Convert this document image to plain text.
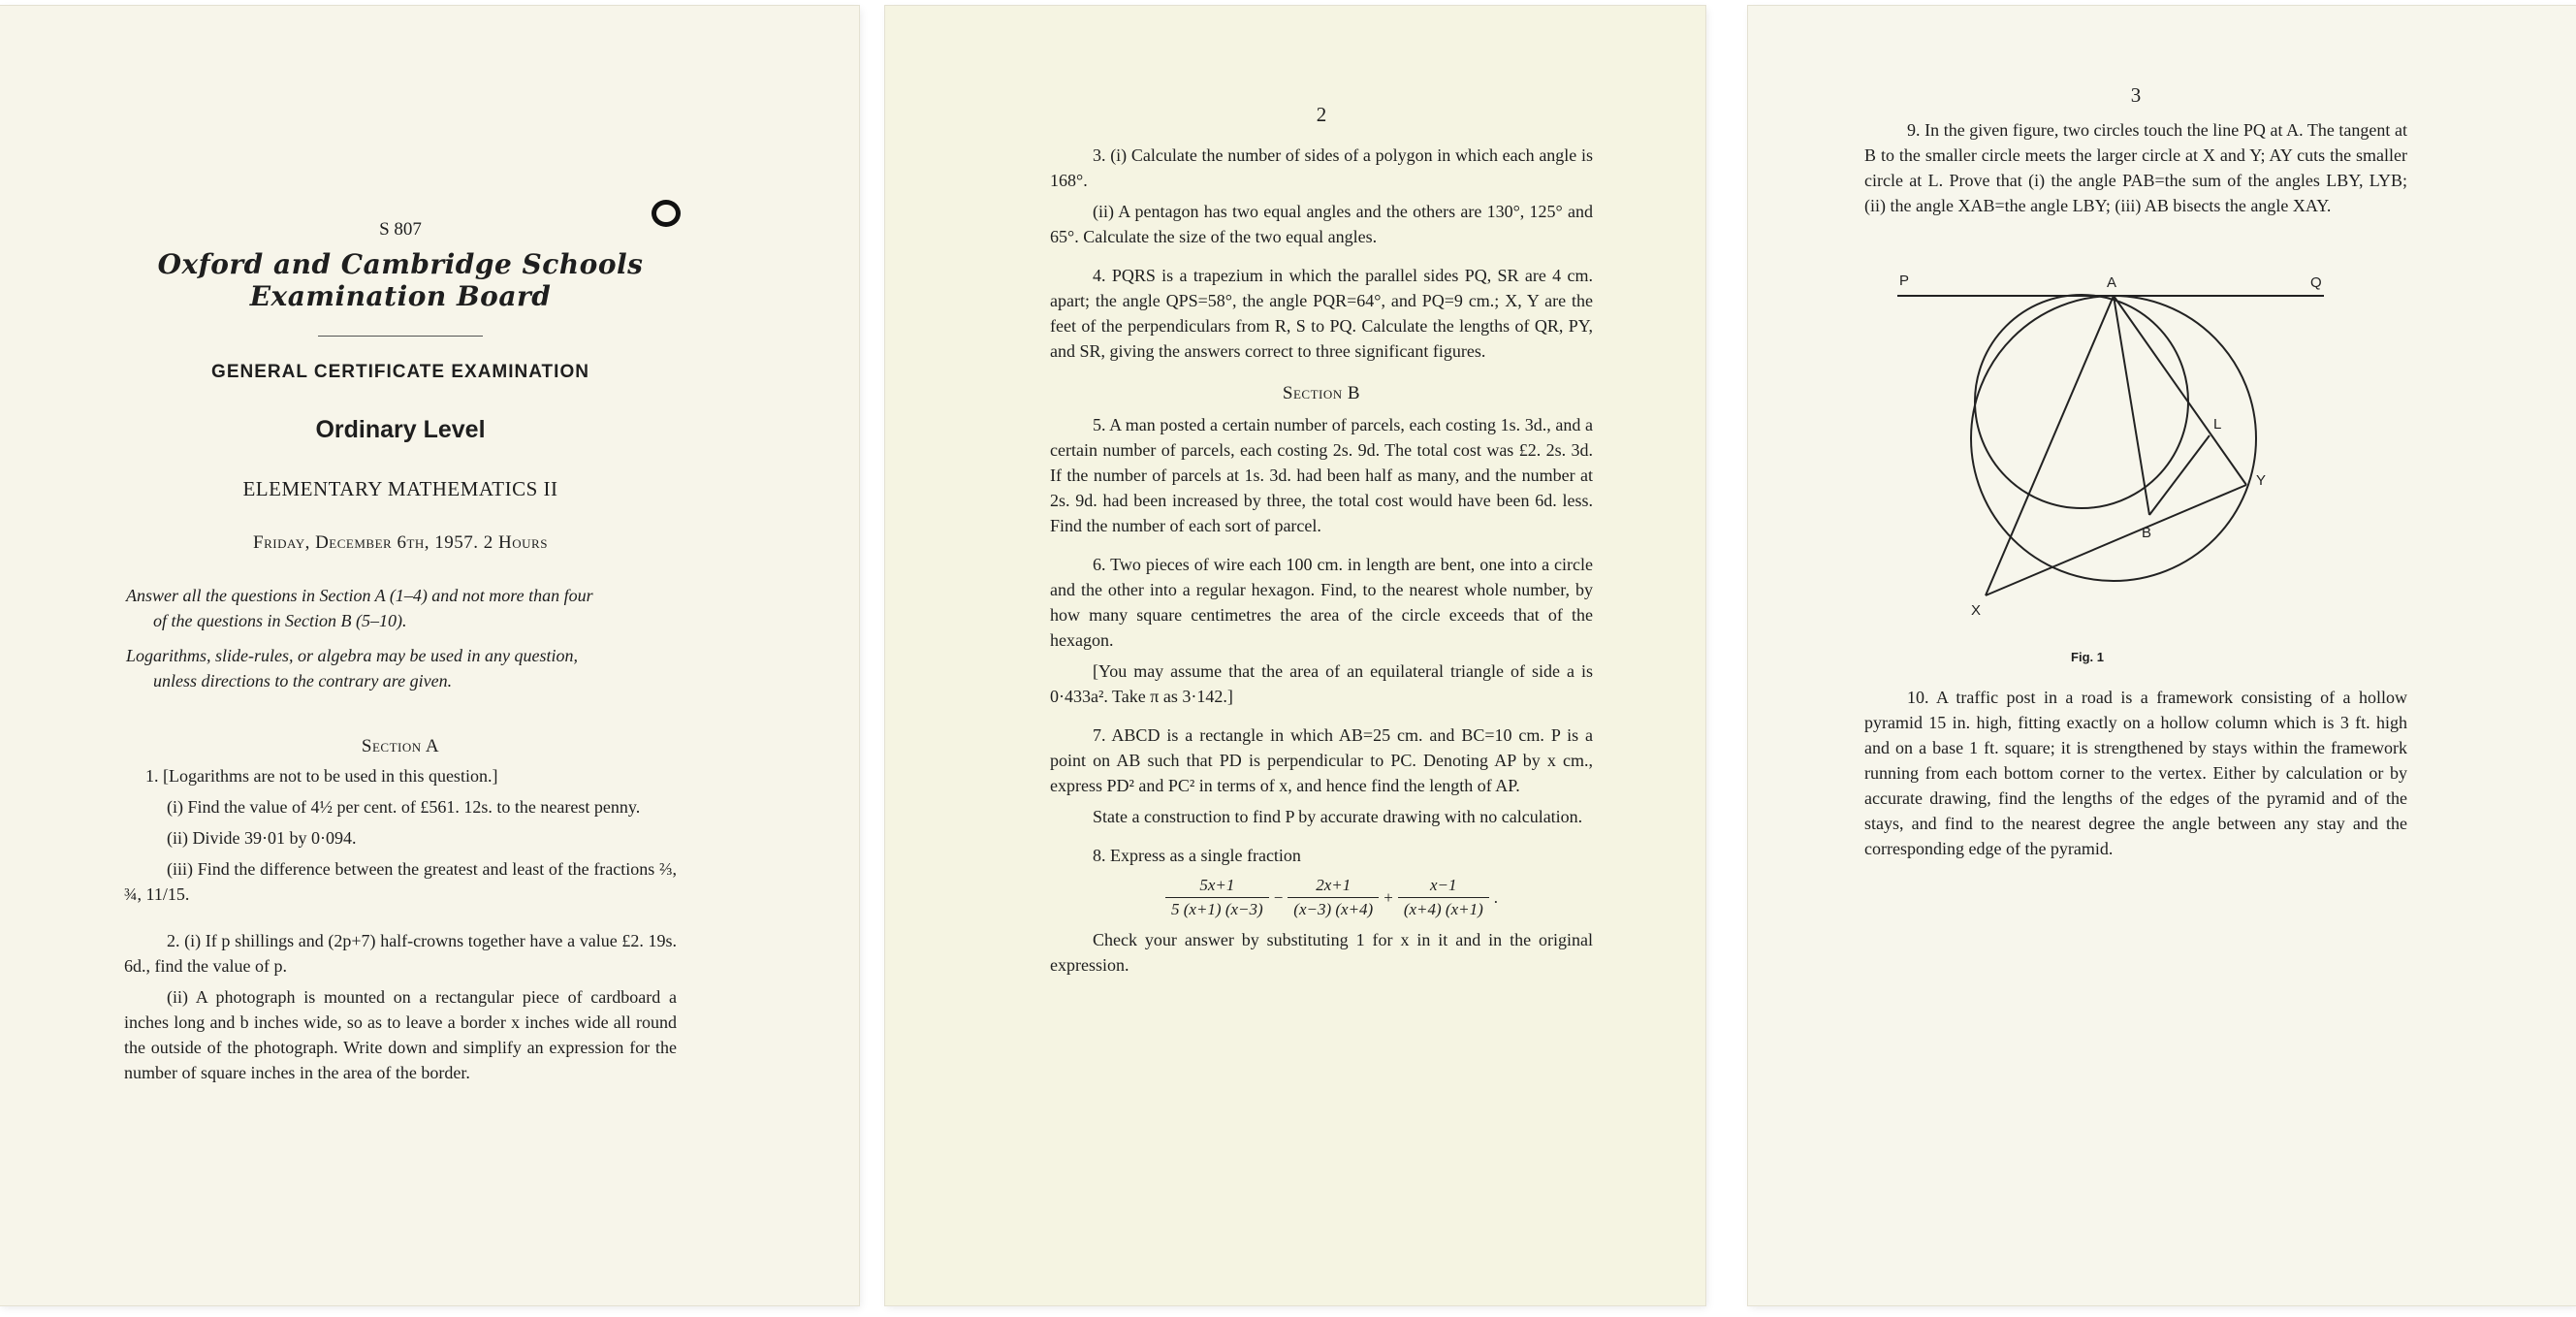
S 807
Oxford and Cambridge Schools Examination Board
GENERAL CERTIFICATE EXAMINATION
Ordinary Level
ELEMENTARY MATHEMATICS II
Friday, December 6th, 1957. 2 Hours
Answer all the questions in Section A (1–4) and not more than four
of the questions in Section B (5–10).
Logarithms, slide-rules, or algebra may be used in any question,
unless directions to the contrary are given.
Section A

1. [Logarithms are not to be used in this question.]

(i) Find the value of 4½ per cent. of £561. 12s. to the nearest penny.

(ii) Divide 39·01 by 0·094.

(iii) Find the difference between the greatest and least of the fractions ⅔, ¾, 11/15.

2. (i) If p shillings and (2p+7) half-crowns together have a value £2. 19s. 6d., find the value of p.

(ii) A photograph is mounted on a rectangular piece of cardboard a inches long and b inches wide, so as to leave a border x inches wide all round the outside of the photograph. Write down and simplify an expression for the number of square inches in the area of the border.

2

3. (i) Calculate the number of sides of a polygon in which each angle is 168°.

(ii) A pentagon has two equal angles and the others are 130°, 125° and 65°. Calculate the size of the two equal angles.

4. PQRS is a trapezium in which the parallel sides PQ, SR are 4 cm. apart; the angle QPS=58°, the angle PQR=64°, and PQ=9 cm.; X, Y are the feet of the perpendiculars from R, S to PQ. Calculate the lengths of QR, PY, and SR, giving the answers correct to three significant figures.

Section B

5. A man posted a certain number of parcels, each costing 1s. 3d., and a certain number of parcels, each costing 2s. 9d. The total cost was £2. 2s. 3d. If the number of parcels at 1s. 3d. had been half as many, and the number at 2s. 9d. had been increased by three, the total cost would have been 6d. less. Find the number of each sort of parcel.

6. Two pieces of wire each 100 cm. in length are bent, one into a circle and the other into a regular hexagon. Find, to the nearest whole number, by how many square centimetres the area of the circle exceeds that of the hexagon.

[You may assume that the area of an equilateral triangle of side a is 0·433a². Take π as 3·142.]

7. ABCD is a rectangle in which AB=25 cm. and BC=10 cm. P is a point on AB such that PD is perpendicular to PC. Denoting AP by x cm., express PD² and PC² in terms of x, and hence find the length of AP.

State a construction to find P by accurate drawing with no calculation.

8. Express as a single fraction

$\frac{5x+1}{5 (x+1) (x-3)} - \frac{2x+1}{(x-3) (x+4)} + \frac{x-1}{(x+4) (x+1)}$ .

Check your answer by substituting 1 for x in it and in the original expression.

3

9. In the given figure, two circles touch the line PQ at A. The tangent at B to the smaller circle meets the larger circle at X and Y; AY cuts the smaller circle at L. Prove that (i) the angle PAB=the sum of the angles LBY, LYB; (ii) the angle XAB=the angle LBY; (iii) AB bisects the angle XAY.

P	A	Q
L
Y
B
X
Fig. 1

10. A traffic post in a road is a framework consisting of a hollow pyramid 15 in. high, fitting exactly on a hollow column which is 3 ft. high and on a base 1 ft. square; it is strengthened by stays within the framework running from each bottom corner to the vertex. Either by calculation or by accurate drawing, find the lengths of the edges of the pyramid and of the stays, and find to the nearest degree the angle between any stay and the corresponding edge of the pyramid.
